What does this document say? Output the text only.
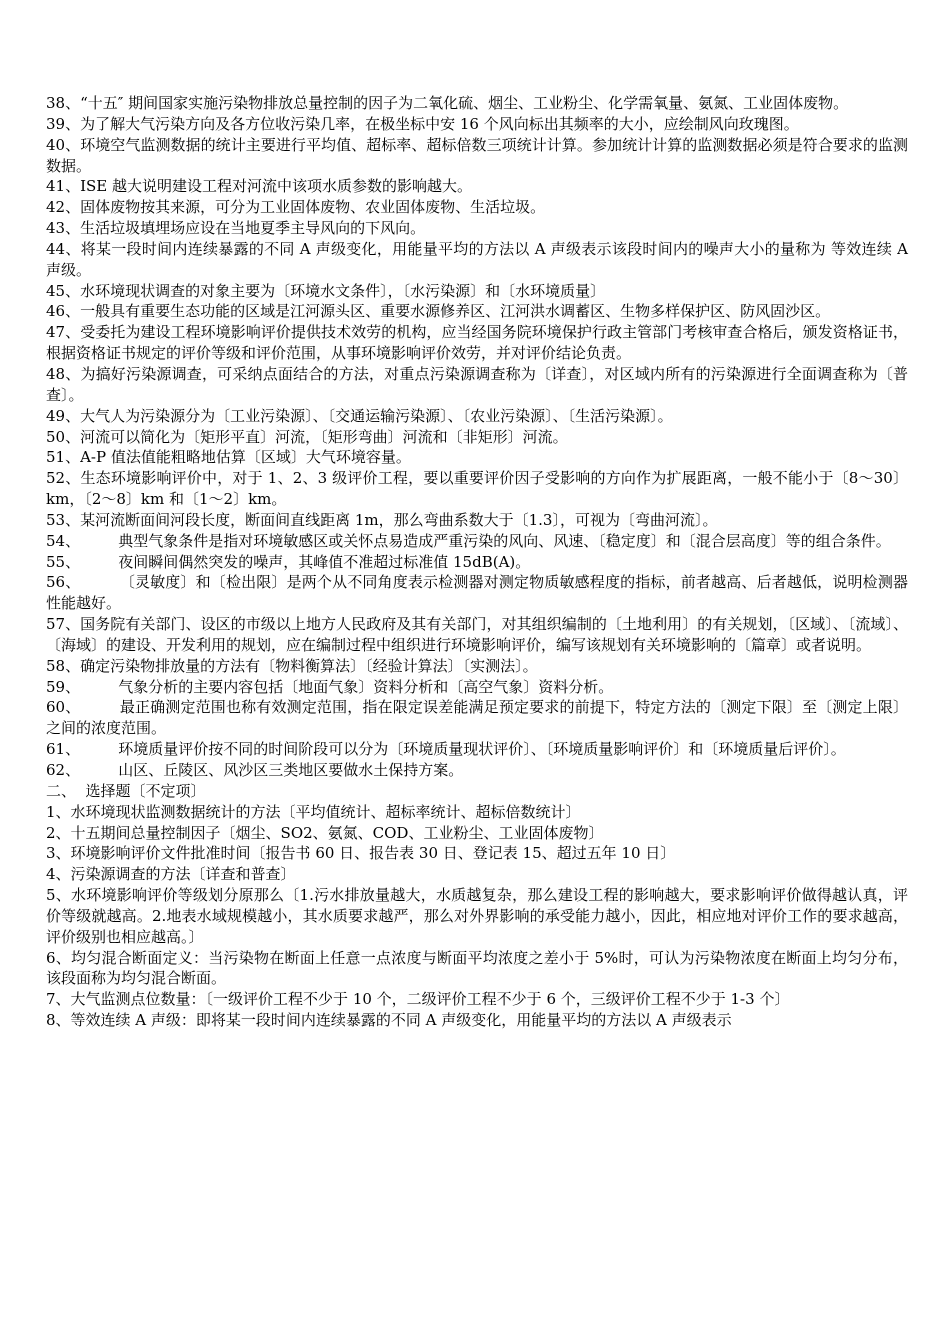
38、“十五″ 期间国家实施污染物排放总量控制的因子为二氧化硫、烟尘、工业粉尘、化学需氧量、氨氮、工业固体废物。

39、为了解大气污染方向及各方位收污染几率，在极坐标中安 16 个风向标出其频率的大小，应绘制风向玫瑰图。

40、环境空气监测数据的统计主要进行平均值、超标率、超标倍数三项统计计算。参加统计计算的监测数据必须是符合要求的监测数据。

41、ISE 越大说明建设工程对河流中该项水质参数的影响越大。

42、固体废物按其来源，可分为工业固体废物、农业固体废物、生活垃圾。

43、生活垃圾填埋场应设在当地夏季主导风向的下风向。

44、将某一段时间内连续暴露的不同 A 声级变化，用能量平均的方法以 A 声级表示该段时间内的噪声大小的量称为 等效连续 A 声级。

45、水环境现状调查的对象主要为〔环境水文条件〕，〔水污染源〕和〔水环境质量〕

46、一般具有重要生态功能的区域是江河源头区、重要水源修养区、江河洪水调蓄区、生物多样保护区、防风固沙区。

47、受委托为建设工程环境影响评价提供技术效劳的机构，应当经国务院环境保护行政主管部门考核审查合格后，颁发资格证书，根据资格证书规定的评价等级和评价范围，从事环境影响评价效劳，并对评价结论负责。

48、为搞好污染源调查，可采纳点面结合的方法，对重点污染源调查称为〔详查〕，对区域内所有的污染源进行全面调查称为〔普查〕。

49、大气人为污染源分为〔工业污染源〕、〔交通运输污染源〕、〔农业污染源〕、〔生活污染源〕。

50、河流可以简化为〔矩形平直〕河流，〔矩形弯曲〕河流和〔非矩形〕河流。

51、A-P 值法值能粗略地估算〔区域〕大气环境容量。

52、生态环境影响评价中，对于 1、2、3 级评价工程，要以重要评价因子受影响的方向作为扩展距离，一般不能小于〔8～30〕km，〔2～8〕km 和〔1～2〕km。

53、某河流断面间河段长度，断面间直线距离 1m，那么弯曲系数大于〔1.3〕，可视为〔弯曲河流〕。

54、        典型气象条件是指对环境敏感区或关怀点易造成严重污染的风向、风速、〔稳定度〕和〔混合层高度〕等的组合条件。

55、        夜间瞬间偶然突发的噪声，其峰值不准超过标准值 15dB(A)。

56、        〔灵敏度〕和〔检出限〕是两个从不同角度表示检测器对测定物质敏感程度的指标，前者越高、后者越低，说明检测器性能越好。

57、国务院有关部门、设区的市级以上地方人民政府及其有关部门，对其组织编制的〔土地利用〕的有关规划，〔区域〕、〔流域〕、〔海域〕的建设、开发利用的规划，应在编制过程中组织进行环境影响评价，编写该规划有关环境影响的〔篇章〕或者说明。

58、确定污染物排放量的方法有〔物料衡算法〕〔经验计算法〕〔实测法〕。

59、        气象分析的主要内容包括〔地面气象〕资料分析和〔高空气象〕资料分析。

60、        最正确测定范围也称有效测定范围，指在限定误差能满足预定要求的前提下，特定方法的〔测定下限〕至〔测定上限〕之间的浓度范围。

61、        环境质量评价按不同的时间阶段可以分为〔环境质量现状评价〕、〔环境质量影响评价〕和〔环境质量后评价〕。

62、        山区、丘陵区、风沙区三类地区要做水土保持方案。

二、  选择题〔不定项〕

1、水环境现状监测数据统计的方法〔平均值统计、超标率统计、超标倍数统计〕

2、十五期间总量控制因子〔烟尘、SO2、氨氮、COD、工业粉尘、工业固体废物〕

3、环境影响评价文件批准时间〔报告书 60 日、报告表 30 日、登记表 15、超过五年 10 日〕

4、污染源调查的方法〔详查和普查〕

5、水环境影响评价等级划分原那么〔1.污水排放量越大，水质越复杂，那么建设工程的影响越大，要求影响评价做得越认真，评价等级就越高。2.地表水域规模越小，其水质要求越严，那么对外界影响的承受能力越小，因此，相应地对评价工作的要求越高，评价级别也相应越高。〕

6、均匀混合断面定义：当污染物在断面上任意一点浓度与断面平均浓度之差小于 5%时，可认为污染物浓度在断面上均匀分布，该段面称为均匀混合断面。

7、大气监测点位数量：〔一级评价工程不少于 10 个，二级评价工程不少于 6 个，三级评价工程不少于 1-3 个〕

8、等效连续 A 声级：即将某一段时间内连续暴露的不同 A 声级变化，用能量平均的方法以 A 声级表示
